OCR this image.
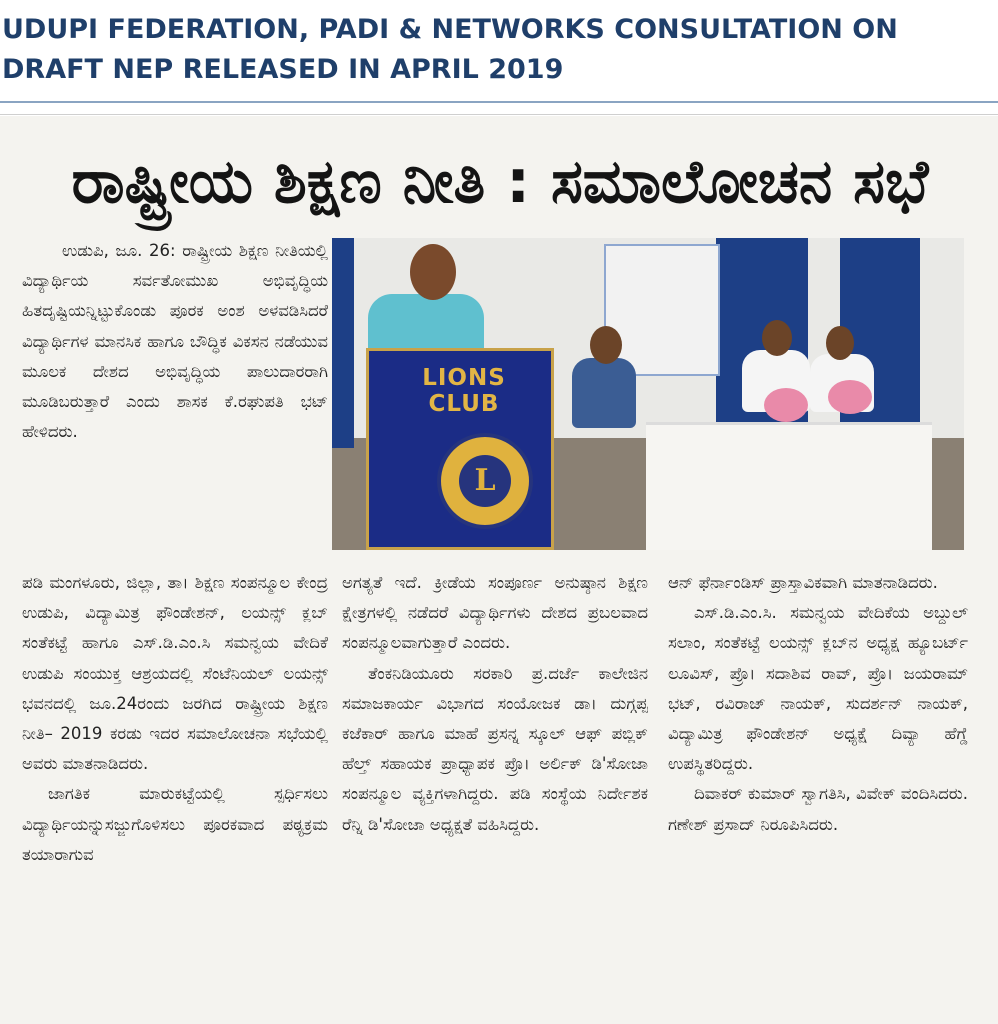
UDUPI FEDERATION, PADI & NETWORKS CONSULTATION ON DRAFT NEP RELEASED IN APRIL 2019
ರಾಷ್ಟ್ರೀಯ ಶಿಕ್ಷಣ ನೀತಿ : ಸಮಾಲೋಚನ ಸಭೆ

ಉಡುಪಿ, ಜೂ. 26: ರಾಷ್ಟ್ರೀಯ ಶಿಕ್ಷಣ ನೀತಿಯಲ್ಲಿ ವಿದ್ಯಾರ್ಥಿಯ ಸರ್ವತೋಮುಖ ಅಭಿವೃದ್ಧಿಯ ಹಿತದೃಷ್ಟಿಯನ್ನಿಟ್ಟುಕೊಂಡು ಪೂರಕ ಅಂಶ ಅಳವಡಿಸಿದರೆ ವಿದ್ಯಾರ್ಥಿಗಳ ಮಾನಸಿಕ ಹಾಗೂ ಬೌದ್ಧಿಕ ವಿಕಸನ ನಡೆಯುವ ಮೂಲಕ ದೇಶದ ಅಭಿವೃದ್ಧಿಯ ಪಾಲುದಾರರಾಗಿ ಮೂಡಿಬರುತ್ತಾರೆ ಎಂದು ಶಾಸಕ ಕೆ.ರಘುಪತಿ ಭಟ್ ಹೇಳಿದರು.

LIONS CLUB
L

ಪಡಿ ಮಂಗಳೂರು, ಜಿಲ್ಲಾ, ತಾ। ಶಿಕ್ಷಣ ಸಂಪನ್ಮೂಲ ಕೇಂದ್ರ ಉಡುಪಿ, ವಿದ್ಯಾಮಿತ್ರ ಫೌಂಡೇಶನ್, ಲಯನ್ಸ್ ಕ್ಲಬ್ ಸಂತೆಕಟ್ಟೆ ಹಾಗೂ ಎಸ್.ಡಿ.ಎಂ.ಸಿ ಸಮನ್ವಯ ವೇದಿಕೆ ಉಡುಪಿ ಸಂಯುಕ್ತ ಆಶ್ರಯದಲ್ಲಿ ಸೆಂಟೆನಿಯಲ್ ಲಯನ್ಸ್ ಭವನದಲ್ಲಿ ಜೂ.24ರಂದು ಜರಗಿದ ರಾಷ್ಟ್ರೀಯ ಶಿಕ್ಷಣ ನೀತಿ– 2019 ಕರಡು ಇದರ ಸಮಾಲೋಚನಾ ಸಭೆಯಲ್ಲಿ ಅವರು ಮಾತನಾಡಿದರು.

ಜಾಗತಿಕ ಮಾರುಕಟ್ಟೆಯಲ್ಲಿ ಸ್ಪರ್ಧಿಸಲು ವಿದ್ಯಾರ್ಥಿಯನ್ನುಸಜ್ಜುಗೊಳಿಸಲು ಪೂರಕವಾದ ಪಠ್ಯಕ್ರಮ ತಯಾರಾಗುವ

ಅಗತ್ಯತೆ ಇದೆ. ಕ್ರೀಡೆಯ ಸಂಪೂರ್ಣ ಅನುಷ್ಠಾನ ಶಿಕ್ಷಣ ಕ್ಷೇತ್ರಗಳಲ್ಲಿ ನಡೆದರೆ ವಿದ್ಯಾರ್ಥಿಗಳು ದೇಶದ ಪ್ರಬಲವಾದ ಸಂಪನ್ಮೂಲವಾಗುತ್ತಾರೆ ಎಂದರು.

ತೆಂಕನಿಡಿಯೂರು ಸರಕಾರಿ ಪ್ರ.ದರ್ಜೆ ಕಾಲೇಜಿನ ಸಮಾಜಕಾರ್ಯ ವಿಭಾಗದ ಸಂಯೋಜಕ ಡಾ। ದುಗ್ಗಪ್ಪ ಕಜೆಕಾರ್ ಹಾಗೂ ಮಾಹೆ ಪ್ರಸನ್ನ ಸ್ಕೂಲ್ ಆಫ್ ಪಬ್ಲಿಕ್ ಹೆಲ್ತ್ ಸಹಾಯಕ ಪ್ರಾಧ್ಯಾಪಕ ಪ್ರೊ। ಅರ್ಲಿಕ್ ಡಿ'ಸೋಜಾ ಸಂಪನ್ಮೂಲ ವ್ಯಕ್ತಿಗಳಾಗಿದ್ದರು. ಪಡಿ ಸಂಸ್ಥೆಯ ನಿರ್ದೇಶಕ ರೆನ್ನಿ ಡಿ'ಸೋಜಾ ಅಧ್ಯಕ್ಷತೆ ವಹಿಸಿದ್ದರು.

ಆನ್ ಫೆರ್ನಾಂಡಿಸ್ ಪ್ರಾಸ್ತಾವಿಕವಾಗಿ ಮಾತನಾಡಿದರು.

ಎಸ್.ಡಿ.ಎಂ.ಸಿ. ಸಮನ್ವಯ ವೇದಿಕೆಯ ಅಬ್ದುಲ್ ಸಲಾಂ, ಸಂತೆಕಟ್ಟೆ ಲಯನ್ಸ್ ಕ್ಲಬ್‌ನ ಅಧ್ಯಕ್ಷ ಹ್ಯೂಬರ್ಟ್ ಲೂವಿಸ್, ಪ್ರೊ। ಸದಾಶಿವ ರಾವ್, ಪ್ರೊ। ಜಯರಾಮ್ ಭಟ್, ರವಿರಾಜ್ ನಾಯಕ್, ಸುದರ್ಶನ್ ನಾಯಕ್, ವಿದ್ಯಾಮಿತ್ರ ಫೌಂಡೇಶನ್ ಅಧ್ಯಕ್ಷೆ ದಿವ್ಯಾ ಹೆಗ್ಡೆ ಉಪಸ್ಥಿತರಿದ್ದರು.

ದಿವಾಕರ್ ಕುಮಾರ್ ಸ್ವಾಗತಿಸಿ, ವಿವೇಕ್ ವಂದಿಸಿದರು. ಗಣೇಶ್ ಪ್ರಸಾದ್ ನಿರೂಪಿಸಿದರು.
